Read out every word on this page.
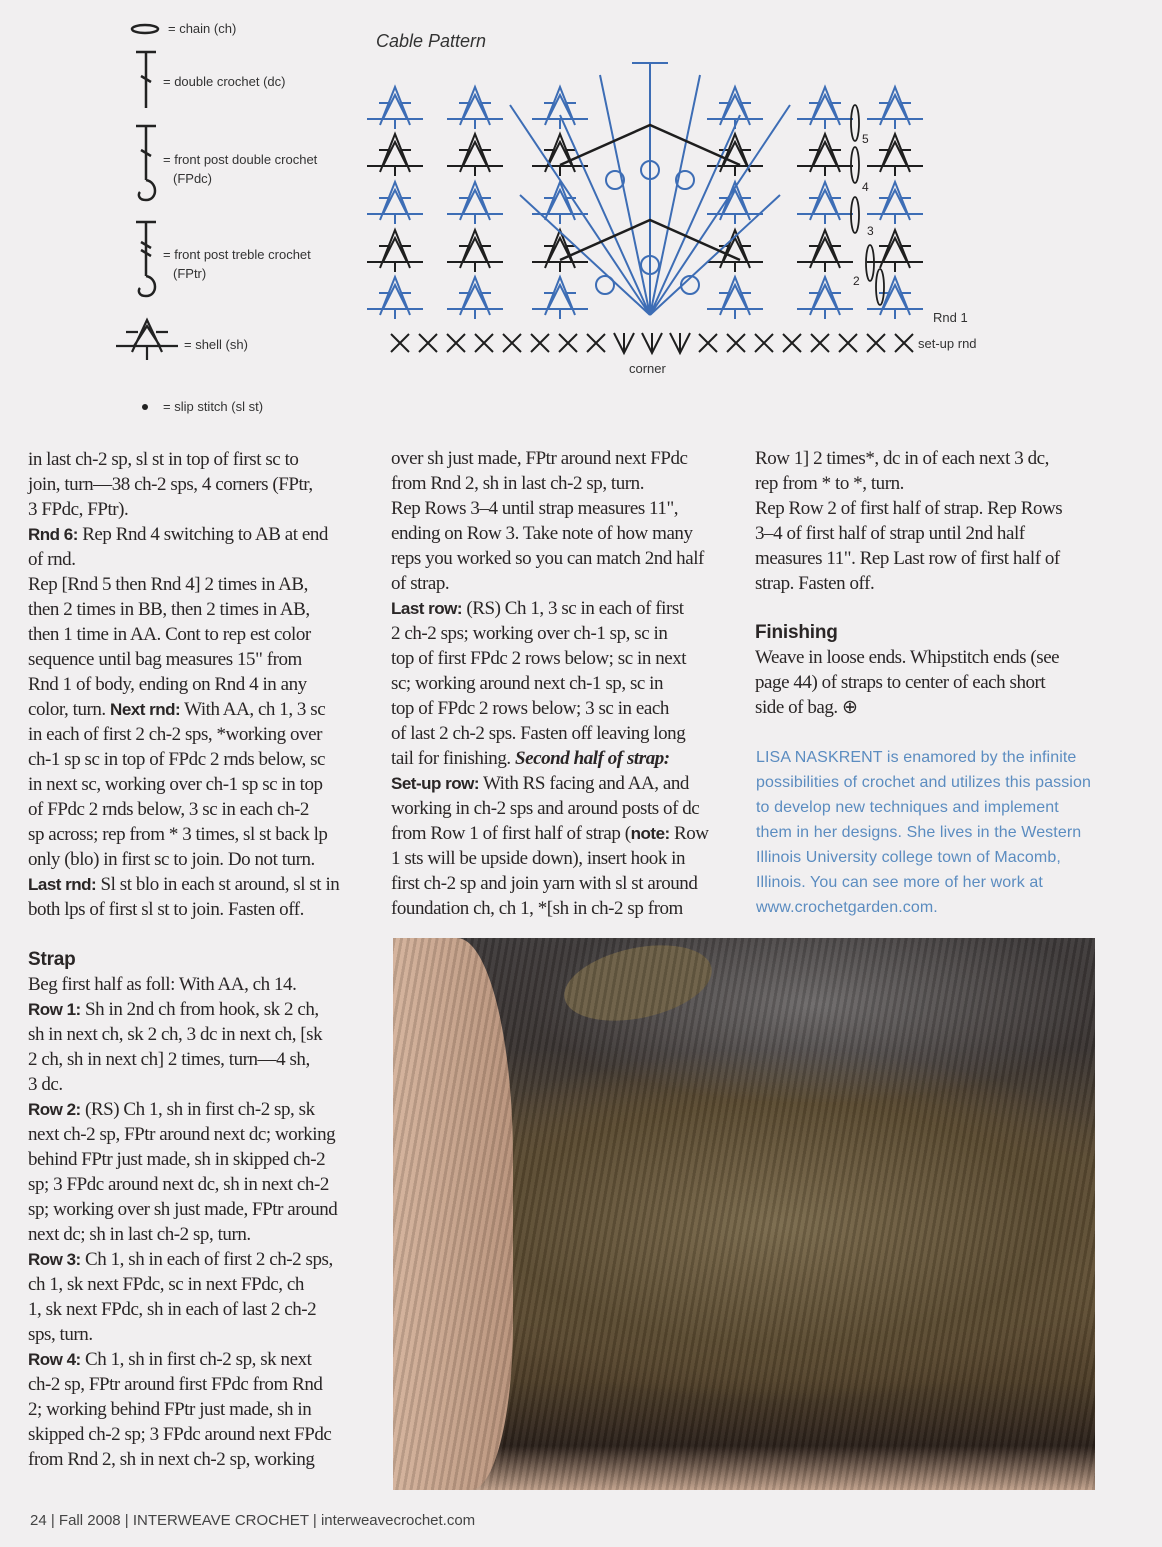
= chain (ch)
= double crochet (dc)
= front post double crochet
(FPdc)
= front post treble crochet
(FPtr)
= shell (sh)
= slip stitch (sl st)
Cable Pattern
5
4
3
2
Rnd 1
set-up rnd
corner
in last ch-2 sp, sl st in top of first sc to
join, turn—38 ch-2 sps, 4 corners (FPtr,
3 FPdc, FPtr).
Rnd 6: Rep Rnd 4 switching to AB at end
of rnd.
Rep [Rnd 5 then Rnd 4] 2 times in AB,
then 2 times in BB, then 2 times in AB,
then 1 time in AA. Cont to rep est color
sequence until bag measures 15" from
Rnd 1 of body, ending on Rnd 4 in any
color, turn. Next rnd: With AA, ch 1, 3 sc
in each of first 2 ch-2 sps, *working over
ch-1 sp sc in top of FPdc 2 rnds below, sc
in next sc, working over ch-1 sp sc in top
of FPdc 2 rnds below, 3 sc in each ch-2
sp across; rep from * 3 times, sl st back lp
only (blo) in first sc to join. Do not turn.
Last rnd: Sl st blo in each st around, sl st in
both lps of first sl st to join. Fasten off.
Strap
Beg first half as foll: With AA, ch 14.
Row 1: Sh in 2nd ch from hook, sk 2 ch,
sh in next ch, sk 2 ch, 3 dc in next ch, [sk
2 ch, sh in next ch] 2 times, turn—4 sh,
3 dc.
Row 2: (RS) Ch 1, sh in first ch-2 sp, sk
next ch-2 sp, FPtr around next dc; working
behind FPtr just made, sh in skipped ch-2
sp; 3 FPdc around next dc, sh in next ch-2
sp; working over sh just made, FPtr around
next dc; sh in last ch-2 sp, turn.
Row 3: Ch 1, sh in each of first 2 ch-2 sps,
ch 1, sk next FPdc, sc in next FPdc, ch
1, sk next FPdc, sh in each of last 2 ch-2
sps, turn.
Row 4: Ch 1, sh in first ch-2 sp, sk next
ch-2 sp, FPtr around first FPdc from Rnd
2; working behind FPtr just made, sh in
skipped ch-2 sp; 3 FPdc around next FPdc
from Rnd 2, sh in next ch-2 sp, working
over sh just made, FPtr around next FPdc
from Rnd 2, sh in last ch-2 sp, turn.
Rep Rows 3–4 until strap measures 11",
ending on Row 3. Take note of how many
reps you worked so you can match 2nd half
of strap.
Last row: (RS) Ch 1, 3 sc in each of first
2 ch-2 sps; working over ch-1 sp, sc in
top of first FPdc 2 rows below; sc in next
sc; working around next ch-1 sp, sc in
top of FPdc 2 rows below; 3 sc in each
of last 2 ch-2 sps. Fasten off leaving long
tail for finishing. Second half of strap:
Set-up row: With RS facing and AA, and
working in ch-2 sps and around posts of dc
from Row 1 of first half of strap (note: Row
1 sts will be upside down), insert hook in
first ch-2 sp and join yarn with sl st around
foundation ch, ch 1, *[sh in ch-2 sp from
Row 1] 2 times*, dc in of each next 3 dc,
rep from * to *, turn.
Rep Row 2 of first half of strap. Rep Rows
3–4 of first half of strap until 2nd half
measures 11". Rep Last row of first half of
strap. Fasten off.
Finishing
Weave in loose ends. Whipstitch ends (see
page 44) of straps to center of each short
side of bag. ⊕
LISA NASKRENT is enamored by the infinite
possibilities of crochet and utilizes this passion
to develop new techniques and implement
them in her designs. She lives in the Western
Illinois University college town of Macomb,
Illinois. You can see more of her work at
www.crochetgarden.com.
24 | Fall 2008 | INTERWEAVE CROCHET | interweavecrochet.com
